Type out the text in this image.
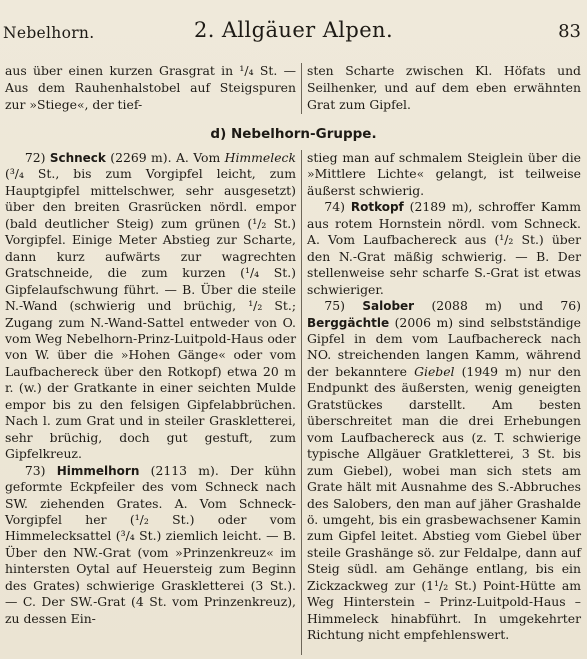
Nebelhorn.	2. Allgäuer Alpen.	83

aus über einen kurzen Grasgrat in ¹/₄ St. — Aus dem Rauhenhalstobel auf Steigspuren zur »Stiege«, der tief-

sten Scharte zwischen Kl. Höfats und Seilhenker, und auf dem eben erwähnten Grat zum Gipfel.

d) Nebelhorn-Gruppe.

72) Schneck (2269 m). A. Vom Himmeleck (³/₄ St., bis zum Vorgipfel leicht, zum Hauptgipfel mittelschwer, sehr ausgesetzt) über den breiten Grasrücken nördl. empor (bald deutlicher Steig) zum grünen (¹/₂ St.) Vorgipfel. Einige Meter Abstieg zur Scharte, dann kurz aufwärts zur wagrechten Gratschneide, die zum kurzen (¹/₄ St.) Gipfelaufschwung führt. — B. Über die steile N.-Wand (schwierig und brüchig, ¹/₂ St.; Zugang zum N.-Wand-Sattel entweder von O. vom Weg Nebelhorn-Prinz-Luitpold-Haus oder von W. über die »Hohen Gänge« oder vom Laufbachereck über den Rotkopf) etwa 20 m r. (w.) der Gratkante in einer seichten Mulde empor bis zu den felsigen Gipfelabbrüchen. Nach l. zum Grat und in steiler Graskletterei, sehr brüchig, doch gut gestuft, zum Gipfelkreuz.

73) Himmelhorn (2113 m). Der kühn geformte Eckpfeiler des vom Schneck nach SW. ziehenden Grates. A. Vom Schneck-Vorgipfel her (¹/₂ St.) oder vom Himmelecksattel (³/₄ St.) ziemlich leicht. — B. Über den NW.-Grat (vom »Prinzenkreuz« im hintersten Oytal auf Heuersteig zum Beginn des Grates) schwierige Graskletterei (3 St.). — C. Der SW.-Grat (4 St. vom Prinzenkreuz), zu dessen Ein-

stieg man auf schmalem Steiglein über die »Mittlere Lichte« gelangt, ist teilweise äußerst schwierig.

74) Rotkopf (2189 m), schroffer Kamm aus rotem Hornstein nördl. vom Schneck. A. Vom Laufbachereck aus (¹/₂ St.) über den N.-Grat mäßig schwierig. — B. Der stellenweise sehr scharfe S.-Grat ist etwas schwieriger.

75) Salober (2088 m) und 76) Berggächtle (2006 m) sind selbstständige Gipfel in dem vom Laufbachereck nach NO. streichenden langen Kamm, während der bekanntere Giebel (1949 m) nur den Endpunkt des äußersten, wenig geneigten Gratstückes darstellt. Am besten überschreitet man die drei Erhebungen vom Laufbachereck aus (z. T. schwierige typische Allgäuer Gratkletterei, 3 St. bis zum Giebel), wobei man sich stets am Grate hält mit Ausnahme des S.-Abbruches des Salobers, den man auf jäher Grashalde ö. umgeht, bis ein grasbewachsener Kamin zum Gipfel leitet. Abstieg vom Giebel über steile Grashänge sö. zur Feldalpe, dann auf Steig südl. am Gehänge entlang, bis ein Zickzackweg zur (1¹/₂ St.) Point-Hütte am Weg Hinterstein – Prinz-Luitpold-Haus – Himmeleck hinabführt. In umgekehrter Richtung nicht empfehlenswert.
